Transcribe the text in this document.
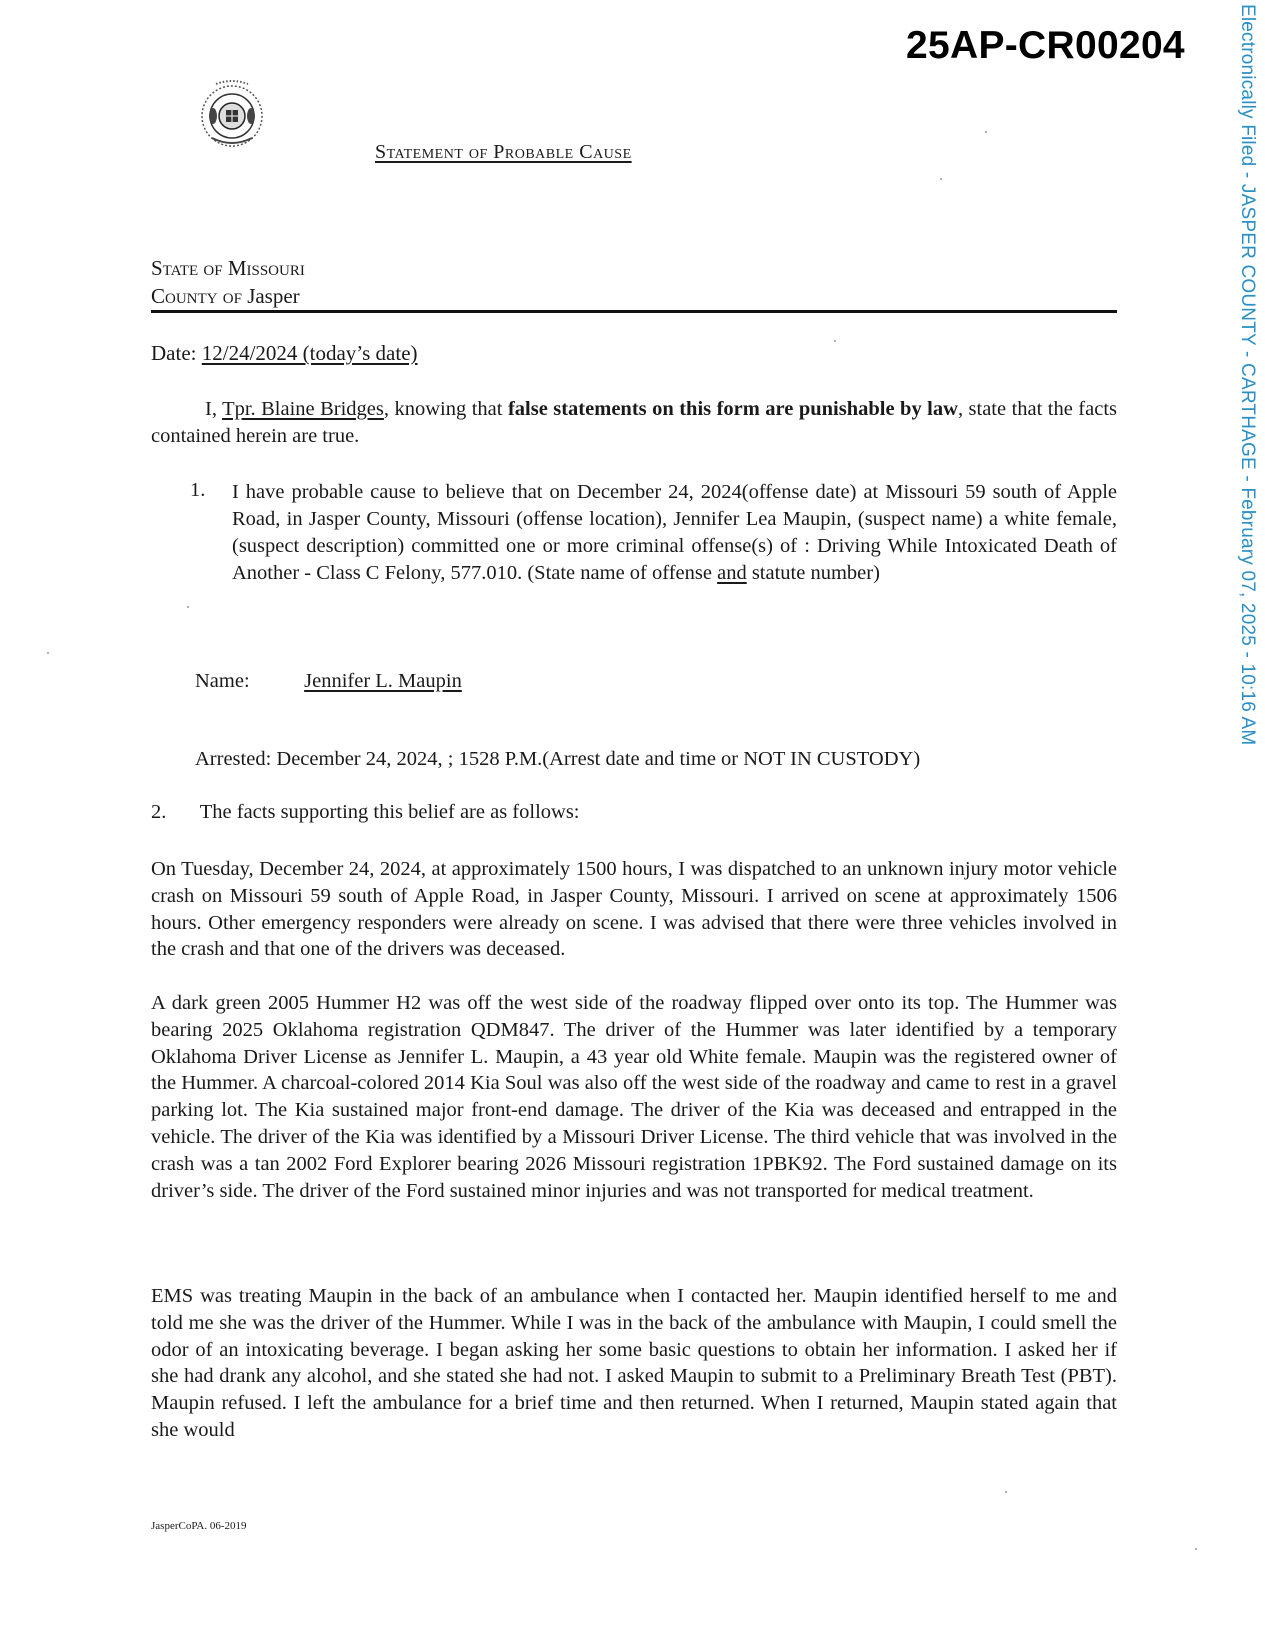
25AP-CR00204	Electronically Filed - JASPER COUNTY - CARTHAGE - February 07, 2025 - 10:16 AM
Statement of Probable Cause
State of Missouri
County of Jasper
Date: 12/24/2024 (today’s date)
I, Tpr. Blaine Bridges, knowing that false statements on this form are punishable by law, state that the facts contained herein are true.
1.	I have probable cause to believe that on December 24, 2024(offense date) at Missouri 59 south of Apple Road, in Jasper County, Missouri (offense location), Jennifer Lea Maupin, (suspect name) a white female, (suspect description) committed one or more criminal offense(s) of : Driving While Intoxicated Death of Another - Class C Felony, 577.010. (State name of offense and statute number)
Name:	Jennifer L. Maupin
Arrested: December 24, 2024, ; 1528 P.M.(Arrest date and time or NOT IN CUSTODY)
2. The facts supporting this belief are as follows:

On Tuesday, December 24, 2024, at approximately 1500 hours, I was dispatched to an unknown injury motor vehicle crash on Missouri 59 south of Apple Road, in Jasper County, Missouri. I arrived on scene at approximately 1506 hours. Other emergency responders were already on scene. I was advised that there were three vehicles involved in the crash and that one of the drivers was deceased.

A dark green 2005 Hummer H2 was off the west side of the roadway flipped over onto its top. The Hummer was bearing 2025 Oklahoma registration QDM847. The driver of the Hummer was later identified by a temporary Oklahoma Driver License as Jennifer L. Maupin, a 43 year old White female. Maupin was the registered owner of the Hummer. A charcoal-colored 2014 Kia Soul was also off the west side of the roadway and came to rest in a gravel parking lot. The Kia sustained major front-end damage. The driver of the Kia was deceased and entrapped in the vehicle. The driver of the Kia was identified by a Missouri Driver License. The third vehicle that was involved in the crash was a tan 2002 Ford Explorer bearing 2026 Missouri registration 1PBK92. The Ford sustained damage on its driver’s side. The driver of the Ford sustained minor injuries and was not transported for medical treatment.

EMS was treating Maupin in the back of an ambulance when I contacted her. Maupin identified herself to me and told me she was the driver of the Hummer. While I was in the back of the ambulance with Maupin, I could smell the odor of an intoxicating beverage. I began asking her some basic questions to obtain her information. I asked her if she had drank any alcohol, and she stated she had not. I asked Maupin to submit to a Preliminary Breath Test (PBT). Maupin refused. I left the ambulance for a brief time and then returned. When I returned, Maupin stated again that she would

JasperCoPA. 06-2019
